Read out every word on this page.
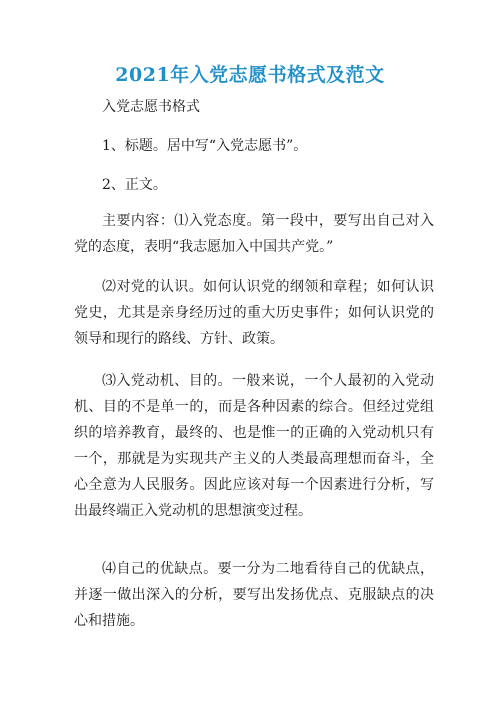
2021年入党志愿书格式及范文

入党志愿书格式

1、标题。居中写“入党志愿书”。

2、正文。

主要内容：⑴入党态度。第一段中，要写出自己对入党的态度，表明“我志愿加入中国共产党。”

⑵对党的认识。如何认识党的纲领和章程；如何认识党史，尤其是亲身经历过的重大历史事件；如何认识党的领导和现行的路线、方针、政策。

⑶入党动机、目的。一般来说，一个人最初的入党动机、目的不是单一的，而是各种因素的综合。但经过党组织的培养教育，最终的、也是惟一的正确的入党动机只有一个，那就是为实现共产主义的人类最高理想而奋斗，全心全意为人民服务。因此应该对每一个因素进行分析，写出最终端正入党动机的思想演变过程。

⑷自己的优缺点。要一分为二地看待自己的优缺点，并逐一做出深入的分析，要写出发扬优点、克服缺点的决心和措施。
